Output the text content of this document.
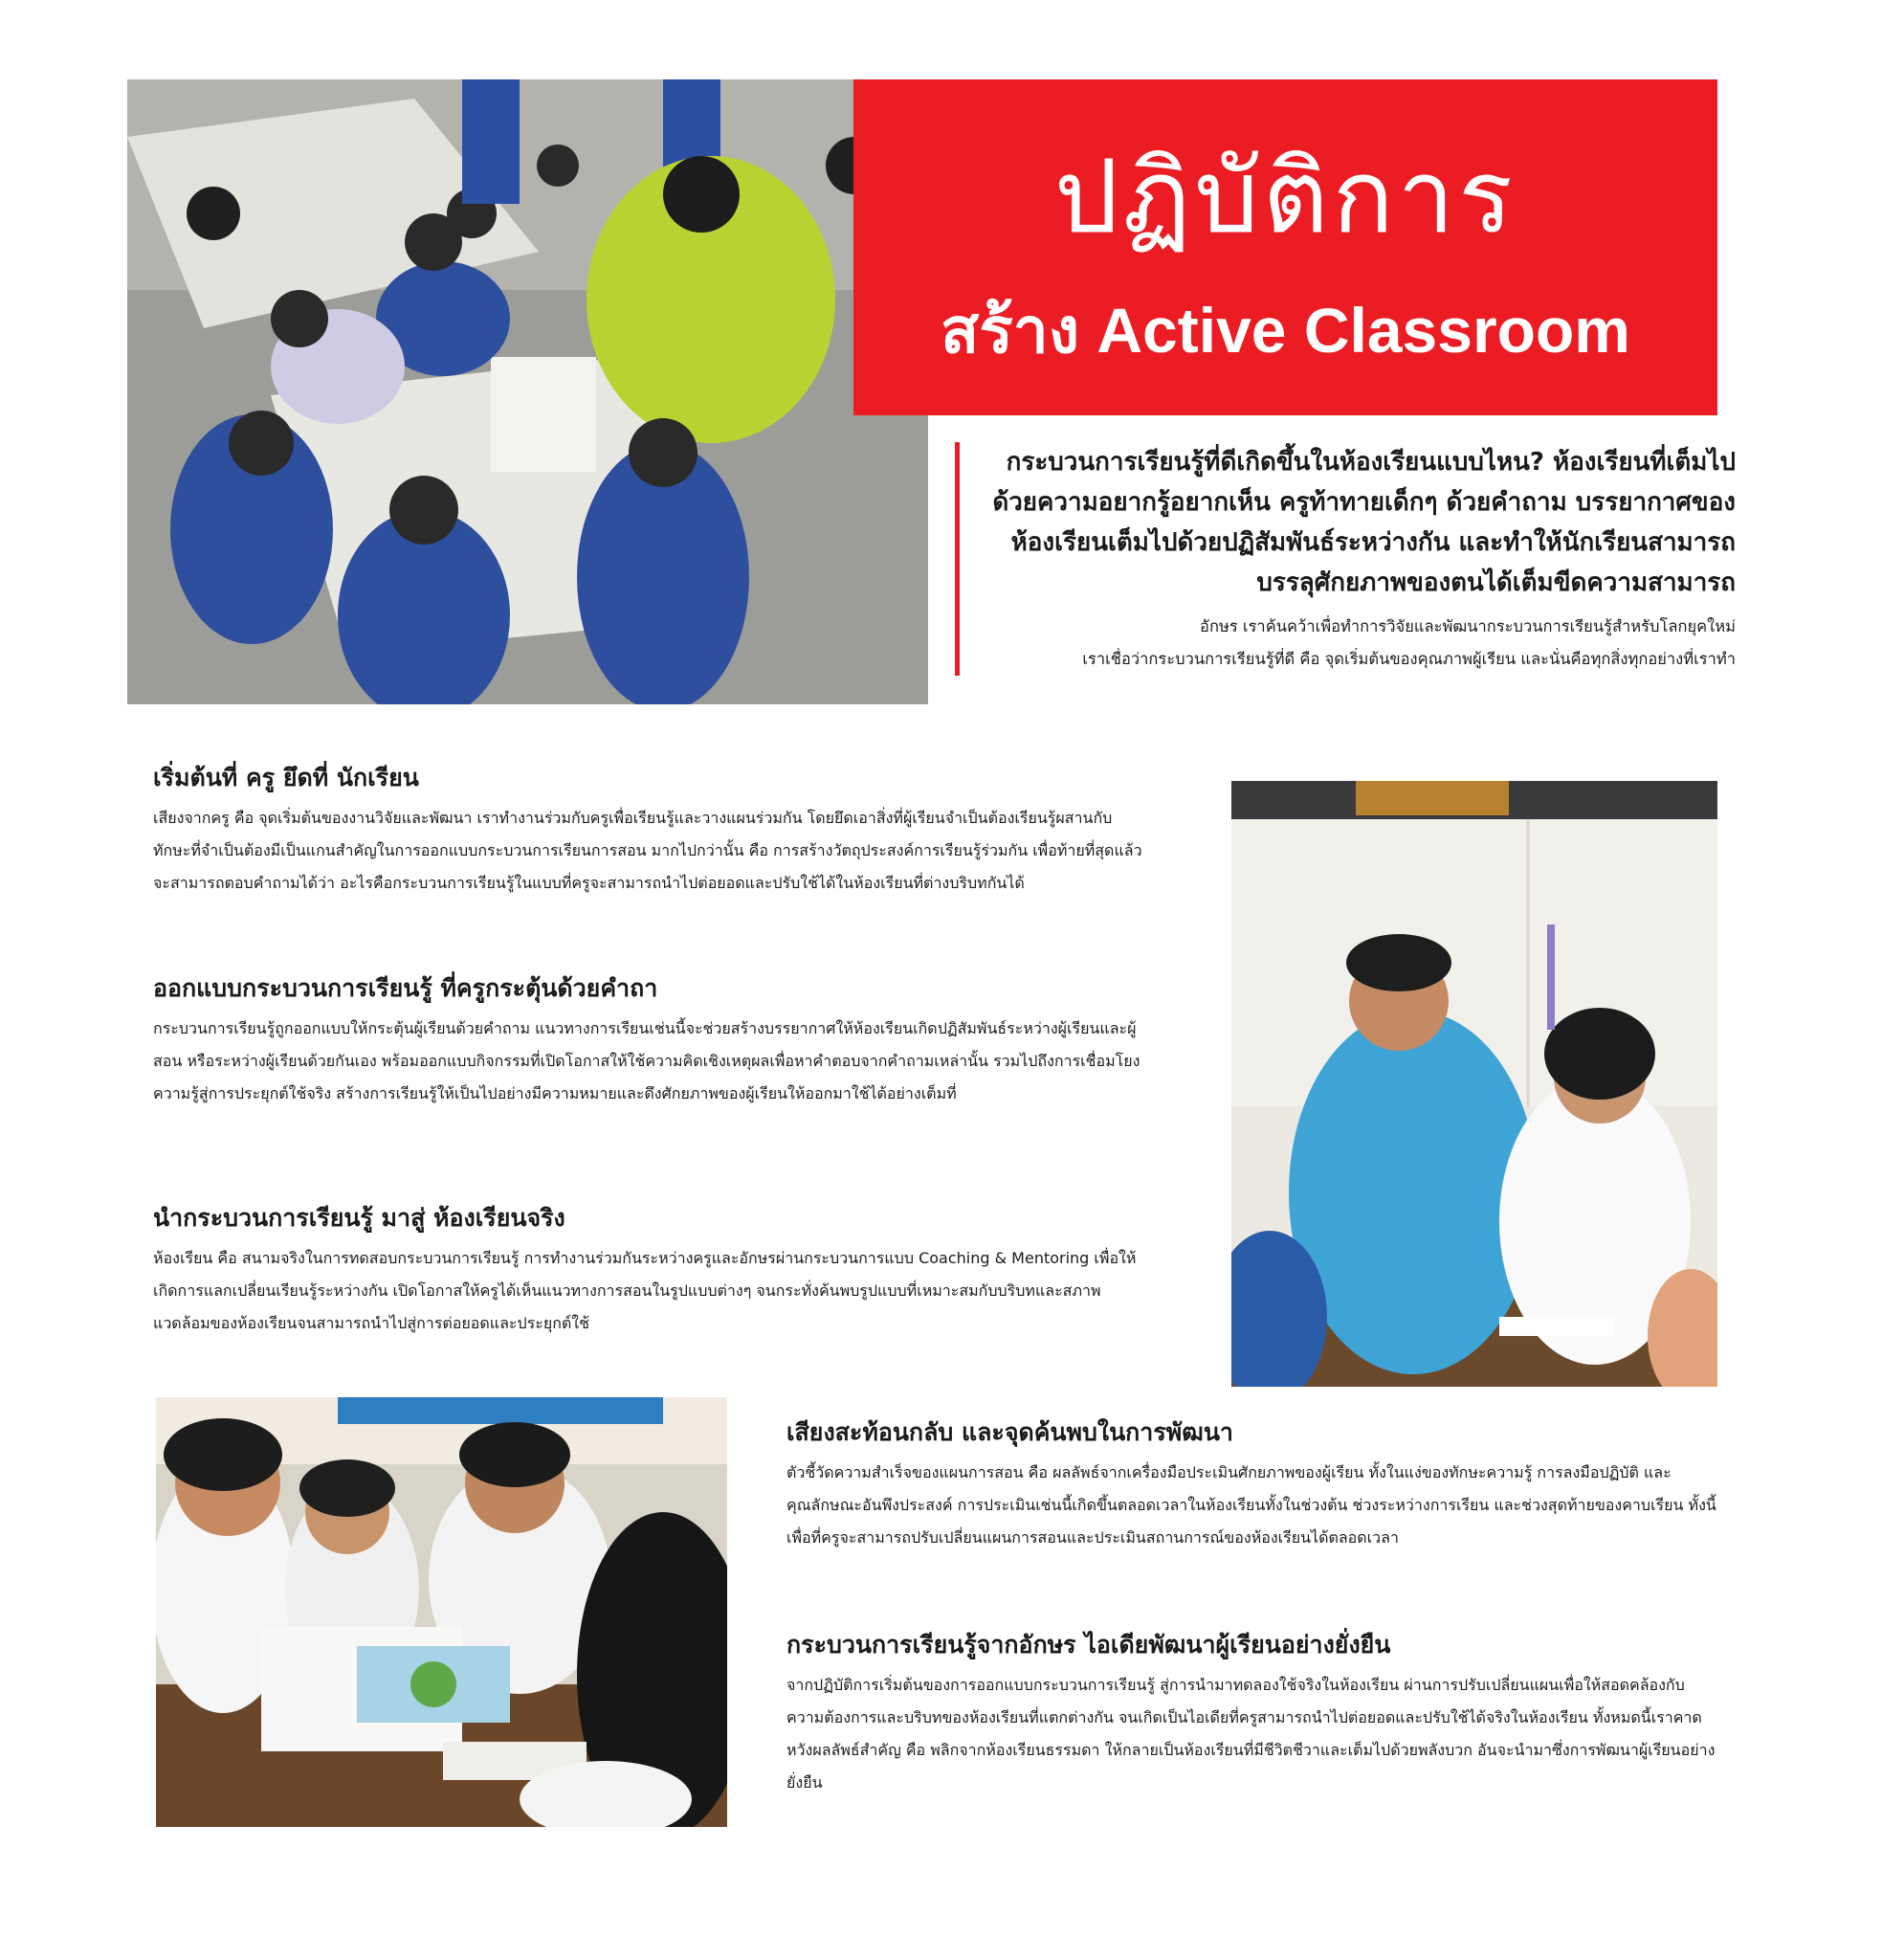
ปฏิบัติการ
สร้าง Active Classroom
กระบวนการเรียนรู้ที่ดีเกิดขึ้นในห้องเรียนแบบไหน? ห้องเรียนที่เต็มไปด้วยความอยากรู้อยากเห็น ครูท้าทายเด็กๆ ด้วยคำถาม บรรยากาศของห้องเรียนเต็มไปด้วยปฏิสัมพันธ์ระหว่างกัน และทำให้นักเรียนสามารถบรรลุศักยภาพของตนได้เต็มขีดความสามารถ

อักษร เราค้นคว้าเพื่อทำการวิจัยและพัฒนากระบวนการเรียนรู้สำหรับโลกยุคใหม่

เราเชื่อว่ากระบวนการเรียนรู้ที่ดี คือ จุดเริ่มต้นของคุณภาพผู้เรียน และนั่นคือทุกสิ่งทุกอย่างที่เราทำ

เริ่มต้นที่ ครู ยึดที่ นักเรียน
เสียงจากครู คือ จุดเริ่มต้นของงานวิจัยและพัฒนา เราทำงานร่วมกับครูเพื่อเรียนรู้และวางแผนร่วมกัน โดยยึดเอาสิ่งที่ผู้เรียนจำเป็นต้องเรียนรู้ผสานกับทักษะที่จำเป็นต้องมีเป็นแกนสำคัญในการออกแบบกระบวนการเรียนการสอน มากไปกว่านั้น คือ การสร้างวัตถุประสงค์การเรียนรู้ร่วมกัน เพื่อท้ายที่สุดแล้วจะสามารถตอบคำถามได้ว่า อะไรคือกระบวนการเรียนรู้ในแบบที่ครูจะสามารถนำไปต่อยอดและปรับใช้ได้ในห้องเรียนที่ต่างบริบทกันได้
ออกแบบกระบวนการเรียนรู้ ที่ครูกระตุ้นด้วยคำถา
กระบวนการเรียนรู้ถูกออกแบบให้กระตุ้นผู้เรียนด้วยคำถาม แนวทางการเรียนเช่นนี้จะช่วยสร้างบรรยากาศให้ห้องเรียนเกิดปฏิสัมพันธ์ระหว่างผู้เรียนและผู้สอน หรือระหว่างผู้เรียนด้วยกันเอง พร้อมออกแบบกิจกรรมที่เปิดโอกาสให้ใช้ความคิดเชิงเหตุผลเพื่อหาคำตอบจากคำถามเหล่านั้น รวมไปถึงการเชื่อมโยงความรู้สู่การประยุกต์ใช้จริง สร้างการเรียนรู้ให้เป็นไปอย่างมีความหมายและดึงศักยภาพของผู้เรียนให้ออกมาใช้ได้อย่างเต็มที่
นำกระบวนการเรียนรู้ มาสู่ ห้องเรียนจริง
ห้องเรียน คือ สนามจริงในการทดสอบกระบวนการเรียนรู้ การทำงานร่วมกันระหว่างครูและอักษรผ่านกระบวนการแบบ Coaching & Mentoring เพื่อให้เกิดการแลกเปลี่ยนเรียนรู้ระหว่างกัน เปิดโอกาสให้ครูได้เห็นแนวทางการสอนในรูปแบบต่างๆ จนกระทั่งค้นพบรูปแบบที่เหมาะสมกับบริบทและสภาพแวดล้อมของห้องเรียนจนสามารถนำไปสู่การต่อยอดและประยุกต์ใช้
เสียงสะท้อนกลับ และจุดค้นพบในการพัฒนา
ตัวชี้วัดความสำเร็จของแผนการสอน คือ ผลลัพธ์จากเครื่องมือประเมินศักยภาพของผู้เรียน ทั้งในแง่ของทักษะความรู้ การลงมือปฏิบัติ และคุณลักษณะอันพึงประสงค์ การประเมินเช่นนี้เกิดขึ้นตลอดเวลาในห้องเรียนทั้งในช่วงต้น ช่วงระหว่างการเรียน และช่วงสุดท้ายของคาบเรียน ทั้งนี้ เพื่อที่ครูจะสามารถปรับเปลี่ยนแผนการสอนและประเมินสถานการณ์ของห้องเรียนได้ตลอดเวลา
กระบวนการเรียนรู้จากอักษร ไอเดียพัฒนาผู้เรียนอย่างยั่งยืน
จากปฏิบัติการเริ่มต้นของการออกแบบกระบวนการเรียนรู้ สู่การนำมาทดลองใช้จริงในห้องเรียน ผ่านการปรับเปลี่ยนแผนเพื่อให้สอดคล้องกับความต้องการและบริบทของห้องเรียนที่แตกต่างกัน จนเกิดเป็นไอเดียที่ครูสามารถนำไปต่อยอดและปรับใช้ได้จริงในห้องเรียน ทั้งหมดนี้เราคาดหวังผลลัพธ์สำคัญ คือ พลิกจากห้องเรียนธรรมดา ให้กลายเป็นห้องเรียนที่มีชีวิตชีวาและเต็มไปด้วยพลังบวก อันจะนำมาซึ่งการพัฒนาผู้เรียนอย่างยั่งยืน
